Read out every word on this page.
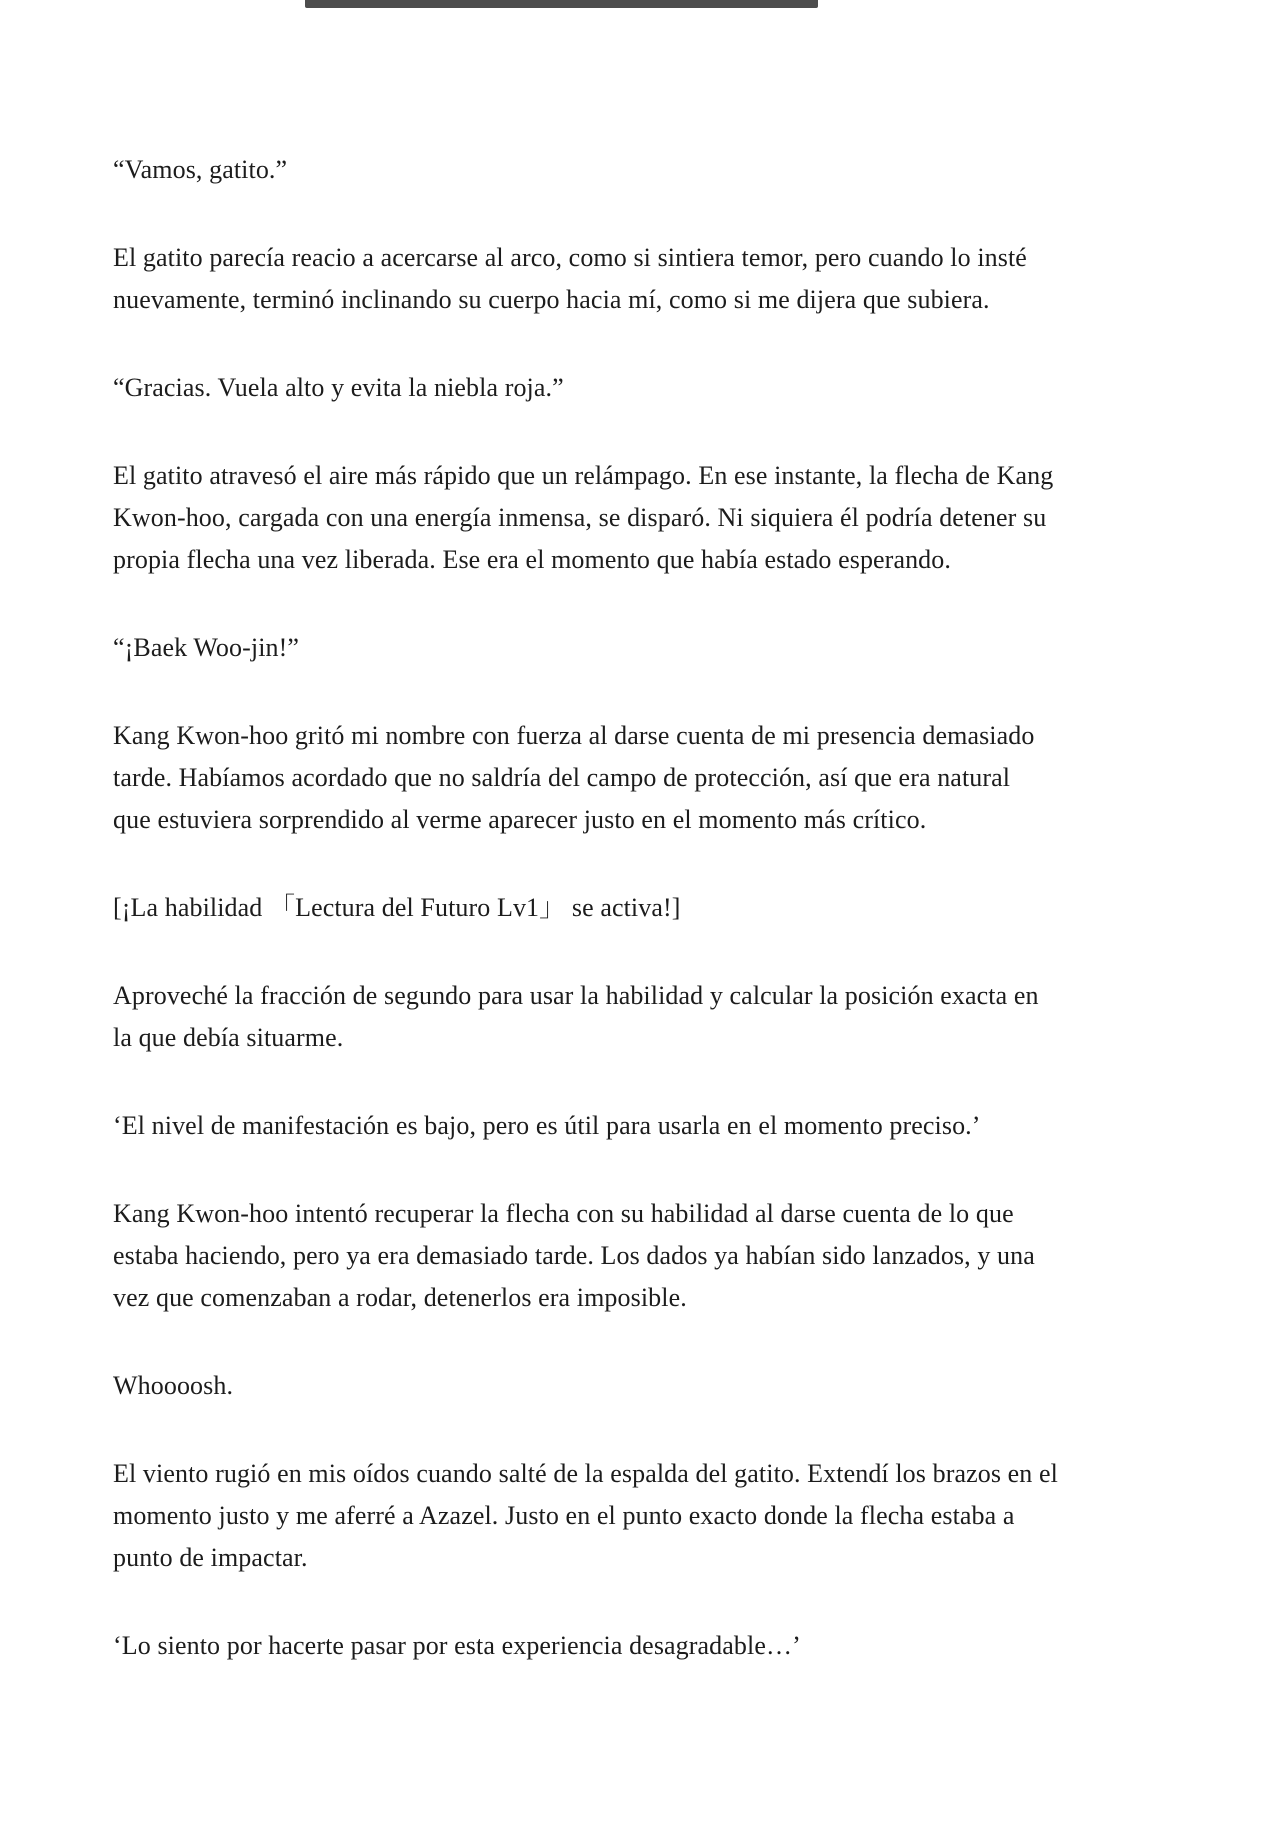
“Vamos, gatito.”
El gatito parecía reacio a acercarse al arco, como si sintiera temor, pero cuando lo insté
nuevamente, terminó inclinando su cuerpo hacia mí, como si me dijera que subiera.
“Gracias. Vuela alto y evita la niebla roja.”
El gatito atravesó el aire más rápido que un relámpago. En ese instante, la flecha de Kang
Kwon-hoo, cargada con una energía inmensa, se disparó. Ni siquiera él podría detener su
propia flecha una vez liberada. Ese era el momento que había estado esperando.
“¡Baek Woo-jin!”
Kang Kwon-hoo gritó mi nombre con fuerza al darse cuenta de mi presencia demasiado
tarde. Habíamos acordado que no saldría del campo de protección, así que era natural
que estuviera sorprendido al verme aparecer justo en el momento más crítico.
[¡La habilidad 「Lectura del Futuro Lv1」 se activa!]
Aproveché la fracción de segundo para usar la habilidad y calcular la posición exacta en
la que debía situarme.
‘El nivel de manifestación es bajo, pero es útil para usarla en el momento preciso.’
Kang Kwon-hoo intentó recuperar la flecha con su habilidad al darse cuenta de lo que
estaba haciendo, pero ya era demasiado tarde. Los dados ya habían sido lanzados, y una
vez que comenzaban a rodar, detenerlos era imposible.
Whoooosh.
El viento rugió en mis oídos cuando salté de la espalda del gatito. Extendí los brazos en el
momento justo y me aferré a Azazel. Justo en el punto exacto donde la flecha estaba a
punto de impactar.
‘Lo siento por hacerte pasar por esta experiencia desagradable…’
